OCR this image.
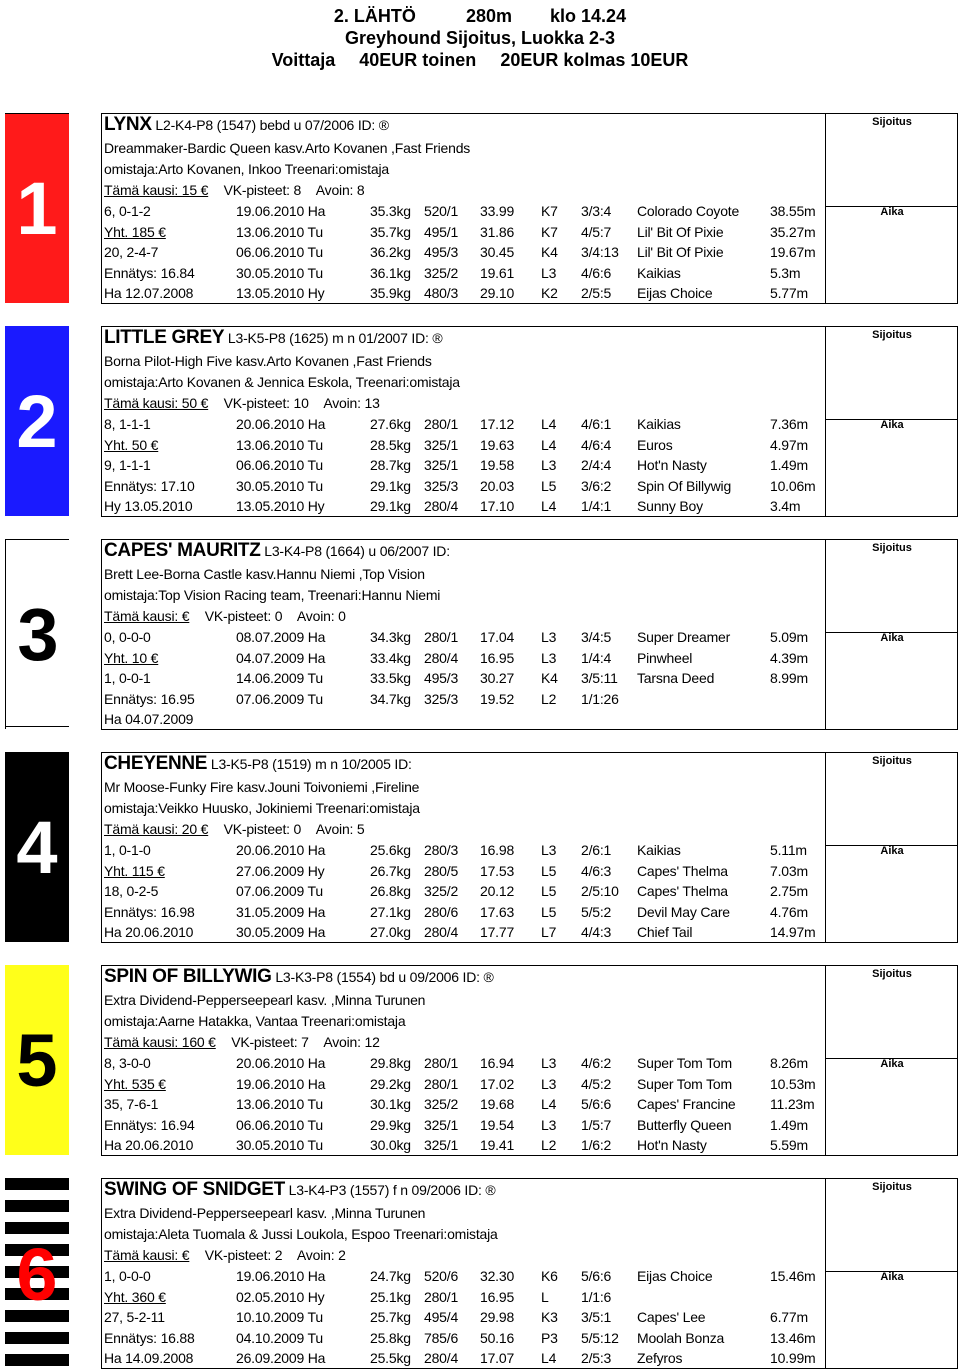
2. LÄHTÖ	280m klo 14.24
Greyhound Sijoitus, Luokka 2-3
Voittaja 40EUR toinen 20EUR kolmas 10EUR
1
2
3
4
5
6
LYNX L2-K4-P8 (1547) bebd u 07/2006 ID: ®
Dreammaker-Bardic Queen kasv.Arto Kovanen ,Fast Friends
omistaja:Arto Kovanen, Inkoo Treenari:omistaja
Tämä kausi: 15 € VK-pisteet: 8 Avoin: 8
6, 0-1-2	19.06.2010 Ha	35.3kg 520/1 33.99 K7 3/3:4 Colorado Coyote 38.55m
Yht. 185 €	13.06.2010 Tu	35.7kg 495/1 31.86 K7 4/5:7 Lil' Bit Of Pixie	35.27m
20, 2-4-7	06.06.2010 Tu	36.2kg 495/3 30.45 K4 3/4:13 Lil' Bit Of Pixie	19.67m
Ennätys: 16.84	30.05.2010 Tu	36.1kg 325/2 19.61 L3 4/6:6 Kaikias	5.3m
Ha 12.07.2008	13.05.2010 Hy	35.9kg 480/3 29.10 K2 2/5:5 Eijas Choice	5.77m
Sijoitus
Aika
LITTLE GREY L3-K5-P8 (1625) m n 01/2007 ID: ®
Borna Pilot-High Five kasv.Arto Kovanen ,Fast Friends
omistaja:Arto Kovanen & Jennica Eskola, Treenari:omistaja
Tämä kausi: 50 € VK-pisteet: 10 Avoin: 13
8, 1-1-1	20.06.2010 Ha	27.6kg 280/1 17.12 L4 4/6:1 Kaikias	7.36m
Yht. 50 €	13.06.2010 Tu	28.5kg 325/1 19.63 L4 4/6:4 Euros	4.97m
9, 1-1-1	06.06.2010 Tu	28.7kg 325/1 19.58 L3 2/4:4 Hot'n Nasty	1.49m
Ennätys: 17.10	30.05.2010 Tu	29.1kg 325/3 20.03 L5 3/6:2 Spin Of Billywig	10.06m
Hy 13.05.2010	13.05.2010 Hy	29.1kg 280/4 17.10 L4 1/4:1 Sunny Boy	3.4m
Sijoitus
Aika
CAPES' MAURITZ L3-K4-P8 (1664) u 06/2007 ID:
Brett Lee-Borna Castle kasv.Hannu Niemi ,Top Vision
omistaja:Top Vision Racing team, Treenari:Hannu Niemi
Tämä kausi: € VK-pisteet: 0 Avoin: 0
0, 0-0-0	08.07.2009 Ha	34.3kg 280/1 17.04 L3 3/4:5 Super Dreamer	5.09m
Yht. 10 €	04.07.2009 Ha	33.4kg 280/4 16.95 L3 1/4:4 Pinwheel	4.39m
1, 0-0-1	14.06.2009 Tu	33.5kg 495/3 30.27 K4 3/5:11 Tarsna Deed	8.99m
Ennätys: 16.95	07.06.2009 Tu	34.7kg 325/3 19.52 L2 1/1:26
Ha 04.07.2009
Sijoitus
Aika
CHEYENNE L3-K5-P8 (1519) m n 10/2005 ID:
Mr Moose-Funky Fire kasv.Jouni Toivoniemi ,Fireline
omistaja:Veikko Huusko, Jokiniemi Treenari:omistaja
Tämä kausi: 20 € VK-pisteet: 0 Avoin: 5
1, 0-1-0	20.06.2010 Ha	25.6kg 280/3 16.98 L3 2/6:1 Kaikias	5.11m
Yht. 115 €	27.06.2009 Hy	26.7kg 280/5 17.53 L5 4/6:3 Capes' Thelma	7.03m
18, 0-2-5	07.06.2009 Tu	26.8kg 325/2 20.12 L5 2/5:10 Capes' Thelma	2.75m
Ennätys: 16.98	31.05.2009 Ha	27.1kg 280/6 17.63 L5 5/5:2 Devil May Care	4.76m
Ha 20.06.2010	30.05.2009 Ha	27.0kg 280/4 17.77 L7 4/4:3 Chief Tail	14.97m
Sijoitus
Aika
SPIN OF BILLYWIG L3-K3-P8 (1554) bd u 09/2006 ID: ®
Extra Dividend-Pepperseepearl kasv. ,Minna Turunen
omistaja:Aarne Hatakka, Vantaa Treenari:omistaja
Tämä kausi: 160 € VK-pisteet: 7 Avoin: 12
8, 3-0-0	20.06.2010 Ha	29.8kg 280/1 16.94 L3 4/6:2 Super Tom Tom	8.26m
Yht. 535 €	19.06.2010 Ha	29.2kg 280/1 17.02 L3 4/5:2 Super Tom Tom	10.53m
35, 7-6-1	13.06.2010 Tu	30.1kg 325/2 19.68 L4 5/6:6 Capes' Francine 11.23m
Ennätys: 16.94	06.06.2010 Tu	29.9kg 325/1 19.54 L3 1/5:7 Butterfly Queen	1.49m
Ha 20.06.2010	30.05.2010 Tu	30.0kg 325/1 19.41 L2 1/6:2 Hot'n Nasty	5.59m
Sijoitus
Aika
SWING OF SNIDGET L3-K4-P3 (1557) f n 09/2006 ID: ®
Extra Dividend-Pepperseepearl kasv. ,Minna Turunen
omistaja:Aleta Tuomala & Jussi Loukola, Espoo Treenari:omistaja
Tämä kausi: € VK-pisteet: 2 Avoin: 2
1, 0-0-0	19.06.2010 Ha	24.7kg 520/6 32.30 K6 5/6:6 Eijas Choice	15.46m
Yht. 360 €	02.05.2010 Hy	25.1kg 280/1 16.95 L 1/1:6
27, 5-2-11	10.10.2009 Tu	25.7kg 495/4 29.98 K3 3/5:1 Capes' Lee	6.77m
Ennätys: 16.88	04.10.2009 Tu	25.8kg 785/6 50.16 P3 5/5:12 Moolah Bonza	13.46m
Ha 14.09.2008	26.09.2009 Ha	25.5kg 280/4 17.07 L4 2/5:3 Zefyros	10.99m
Sijoitus
Aika
